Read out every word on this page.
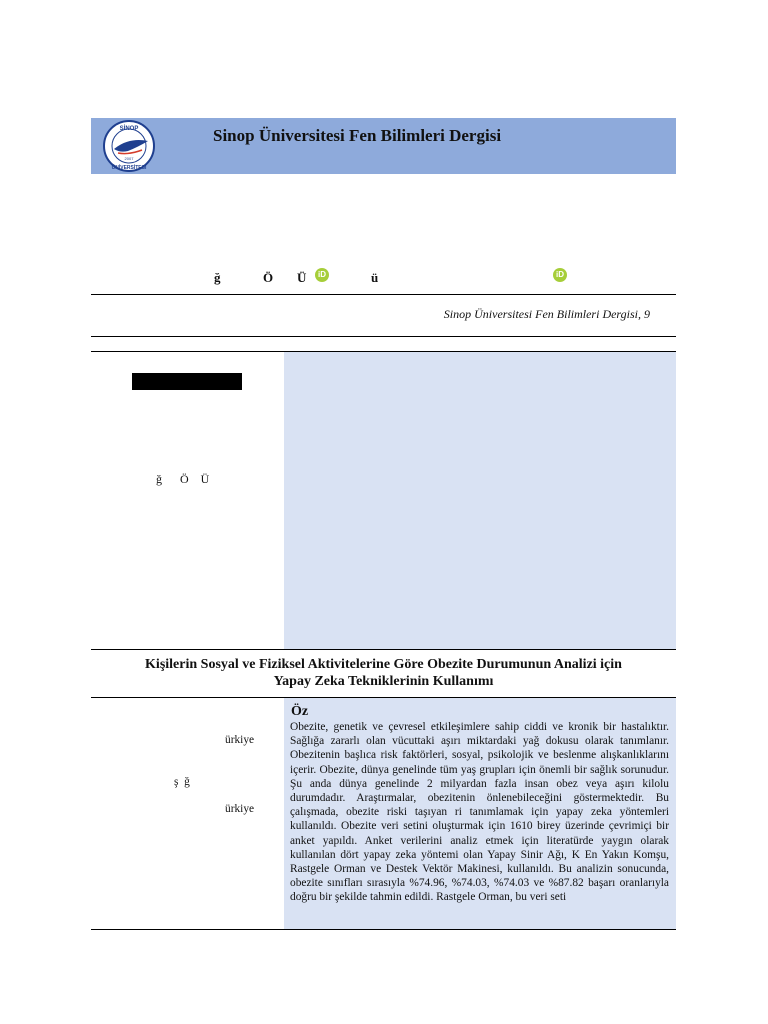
SİNOP
ÜNİVERSİTESİ
2007
Sinop Üniversitesi Fen Bilimleri Dergisi
ğ	Ö Ü	iD	ü	iD
Sinop Üniversitesi Fen Bilimleri Dergisi, 9
ğ      Ö    Ü
Kişilerin Sosyal ve Fiziksel Aktivitelerine Göre Obezite Durumunun Analizi için
Yapay Zeka Tekniklerinin Kullanımı
ürkiye
ş  ğ
ürkiye
Öz
Obezite, genetik ve çevresel etkileşimlere sahip ciddi ve kronik bir hastalıktır. Sağlığa zararlı olan vücuttaki aşırı miktardaki yağ dokusu olarak tanımlanır. Obezitenin başlıca risk faktörleri, sosyal, psikolojik ve beslenme alışkanlıklarını içerir. Obezite, dünya genelinde tüm yaş grupları için önemli bir sağlık sorunudur. Şu anda dünya genelinde 2 milyardan fazla insan obez veya aşırı kilolu durumdadır. Araştırmalar, obezitenin önlenebileceğini göstermektedir. Bu çalışmada, obezite riski taşıyan ri tanımlamak için yapay zeka yöntemleri kullanıldı. Obezite veri setini oluşturmak için 1610 birey üzerinde çevrimiçi bir anket yapıldı. Anket verilerini analiz etmek için literatürde yaygın olarak kullanılan dört yapay zeka yöntemi olan Yapay Sinir Ağı, K En Yakın Komşu, Rastgele Orman ve Destek Vektör Makinesi, kullanıldı. Bu analizin sonucunda, obezite sınıfları sırasıyla %74.96, %74.03, %74.03 ve %87.82 başarı oranlarıyla doğru bir şekilde tahmin edildi. Rastgele Orman, bu veri seti
